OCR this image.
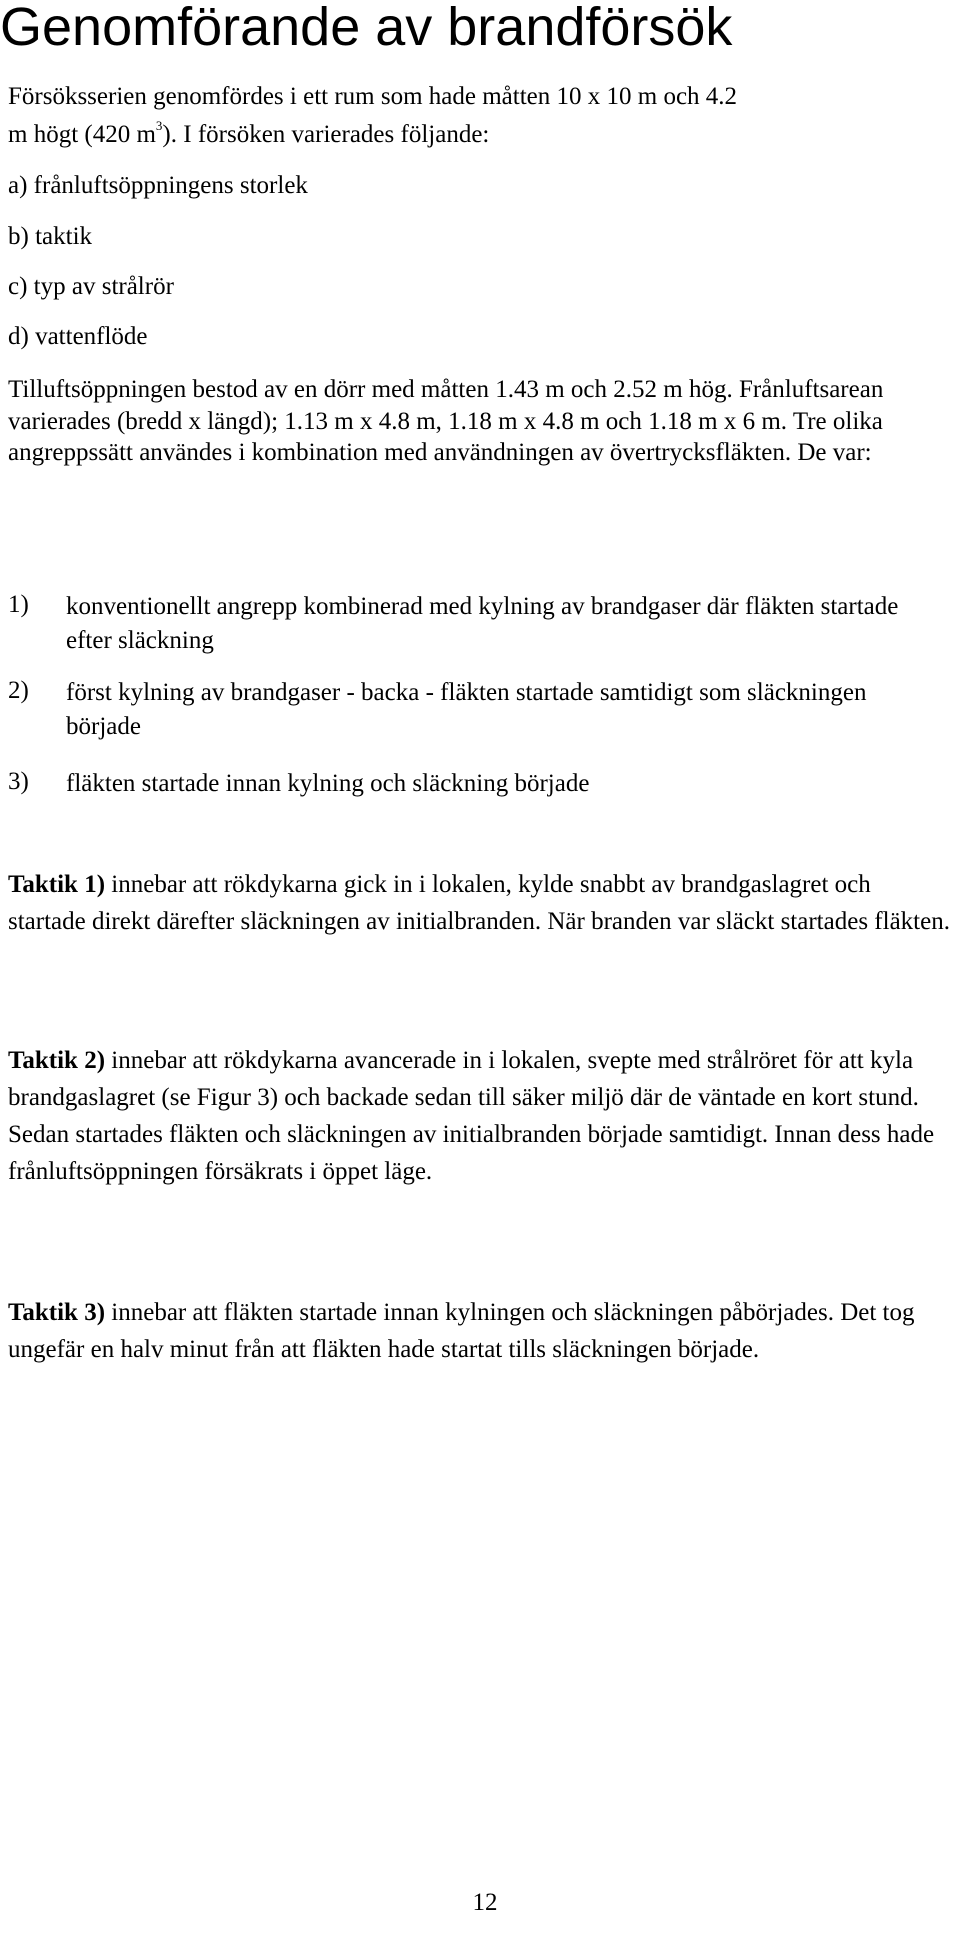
Genomförande av brandförsök

Försöksserien genomfördes i ett rum som hade måtten 10 x 10 m och 4.2

m högt (420 $m^3$). I försöken varierades följande:

a) frånluftsöppningens storlek

b) taktik

c) typ av strålrör

d) vattenflöde

Tilluftsöppningen bestod av en dörr med måtten 1.43 m och 2.52 m hög. Frånluftsarean varierades (bredd x längd); 1.13 m x 4.8 m, 1.18 m x 4.8 m och 1.18 m x 6 m. Tre olika angreppssätt användes i kombination med användningen av övertrycksfläkten. De var:

1) konventionellt angrepp kombinerad med kylning av brandgaser där fläkten startade efter släckning
2) först kylning av brandgaser - backa - fläkten startade samtidigt som släckningen började
3) fläkten startade innan kylning och släckning började

Taktik 1) innebar att rökdykarna gick in i lokalen, kylde snabbt av brandgaslagret och startade direkt därefter släckningen av initialbranden. När branden var släckt startades fläkten.

Taktik 2) innebar att rökdykarna avancerade in i lokalen, svepte med strålröret för att kyla brandgaslagret (se Figur 3) och backade sedan till säker miljö där de väntade en kort stund. Sedan startades fläkten och släckningen av initialbranden började samtidigt. Innan dess hade frånluftsöppningen försäkrats i öppet läge.

Taktik 3) innebar att fläkten startade innan kylningen och släckningen påbörjades. Det tog ungefär en halv minut från att fläkten hade startat tills släckningen började.

12
